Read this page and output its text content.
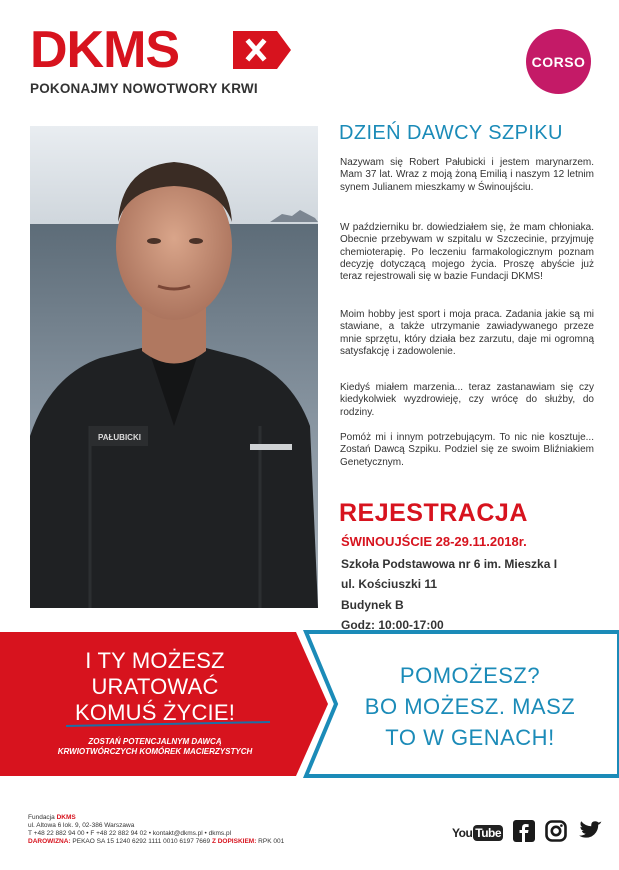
DKMS
POKONAJMY NOWOTWORY KRWI
CORSO
PAŁUBICKI
DZIEŃ DAWCY SZPIKU
Nazywam się Robert Pałubicki i jestem marynarzem. Mam 37 lat. Wraz z moją żoną Emilią i naszym 12 letnim synem Julianem mieszkamy w Świnoujściu.
W październiku br. dowiedziałem się, że mam chłoniaka. Obecnie przebywam w szpitalu w Szczecinie, przyjmuję chemioterapię. Po leczeniu farmakologicznym poznam decyzję dotyczącą mojego życia. Proszę abyście już teraz rejestrowali się w bazie Fundacji DKMS!
Moim hobby jest sport i moja praca. Zadania jakie są mi stawiane, a także utrzymanie zawiadywanego przeze mnie sprzętu, który działa bez zarzutu, daje mi ogromną satysfakcję i zadowolenie.
Kiedyś miałem marzenia... teraz zastanawiam się czy kiedykolwiek wyzdrowieję, czy wrócę do służby, do rodziny.
Pomóż mi i innym potrzebującym. To nic nie kosztuje... Zostań Dawcą Szpiku. Podziel się ze swoim Bliźniakiem Genetycznym.
REJESTRACJA
ŚWINOUJŚCIE 28-29.11.2018r.
Szkoła Podstawowa nr 6 im. Mieszka I
ul. Kościuszki 11
Budynek B
Godz: 10:00-17:00
I TY MOŻESZ
URATOWAĆ
KOMUŚ ŻYCIE!
ZOSTAŃ POTENCJALNYM DAWCĄ
KRWIOTWÓRCZYCH KOMÓREK MACIERZYSTYCH
POMOŻESZ?
BO MOŻESZ. MASZ
TO W GENACH!
Fundacja DKMS
ul. Altowa 6 lok. 9, 02-386 Warszawa
T +48 22 882 94 00 • F +48 22 882 94 02 • kontakt@dkms.pl • dkms.pl
DAROWIZNA: PEKAO SA 15 1240 6292 1111 0010 6197 7669 Z DOPISKIEM: RPK 001
You Tube
